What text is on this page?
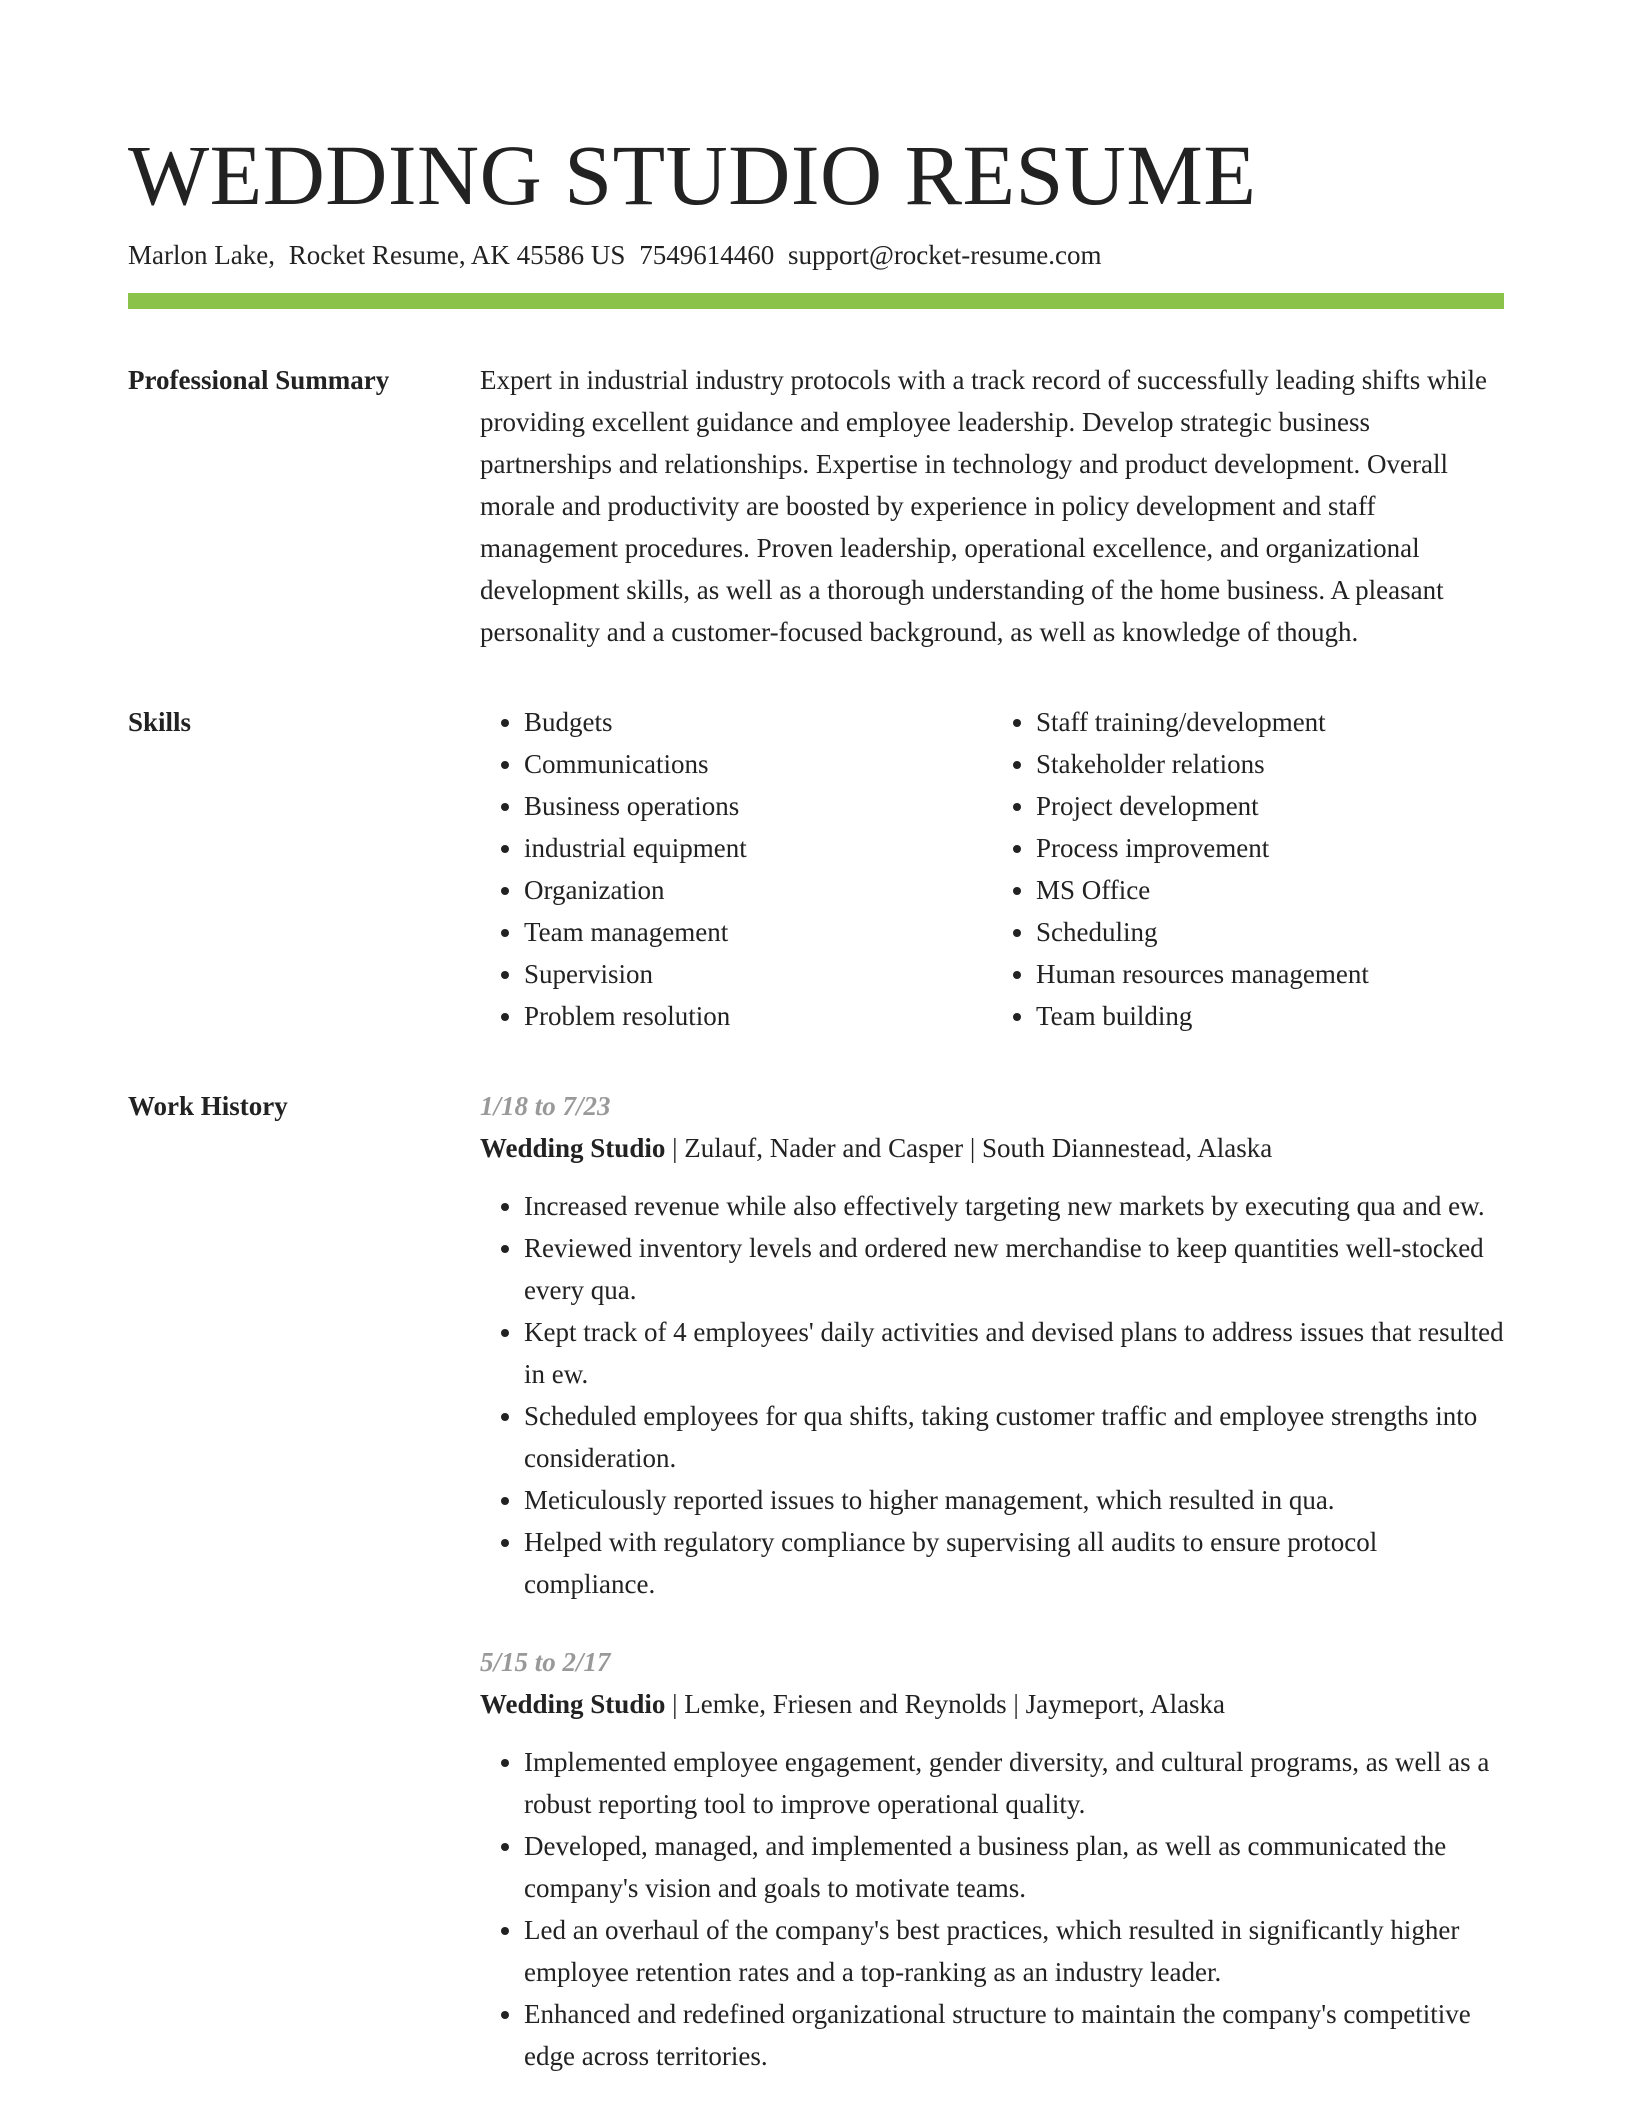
WEDDING STUDIO RESUME
Marlon Lake, Rocket Resume, AK 45586 US 7549614460 support@rocket-resume.com
Professional Summary	Expert in industrial industry protocols with a track record of successfully leading shifts while providing excellent guidance and employee leadership. Develop strategic business partnerships and relationships. Expertise in technology and product development. Overall morale and productivity are boosted by experience in policy development and staff management procedures. Proven leadership, operational excellence, and organizational development skills, as well as a thorough understanding of the home business. A pleasant personality and a customer-focused background, as well as knowledge of though.
Skills
•	Budgets
• Communications
• Business operations
• industrial equipment
• Organization
• Team management
• Supervision
• Problem resolution
• Staff training/development
• Stakeholder relations
• Project development
• Process improvement
• MS Office
• Scheduling
• Human resources management
• Team building
Work History	1/18 to 7/23
Wedding Studio | Zulauf, Nader and Casper | South Diannestead, Alaska
• Increased revenue while also effectively targeting new markets by executing qua and ew.
• Reviewed inventory levels and ordered new merchandise to keep quantities well-stocked every qua.
• Kept track of 4 employees' daily activities and devised plans to address issues that resulted in ew.
• Scheduled employees for qua shifts, taking customer traffic and employee strengths into consideration.
• Meticulously reported issues to higher management, which resulted in qua.
• Helped with regulatory compliance by supervising all audits to ensure protocol compliance.
5/15 to 2/17
Wedding Studio | Lemke, Friesen and Reynolds | Jaymeport, Alaska
• Implemented employee engagement, gender diversity, and cultural programs, as well as a robust reporting tool to improve operational quality.
• Developed, managed, and implemented a business plan, as well as communicated the company's vision and goals to motivate teams.
• Led an overhaul of the company's best practices, which resulted in significantly higher employee retention rates and a top-ranking as an industry leader.
• Enhanced and redefined organizational structure to maintain the company's competitive edge across territories.
